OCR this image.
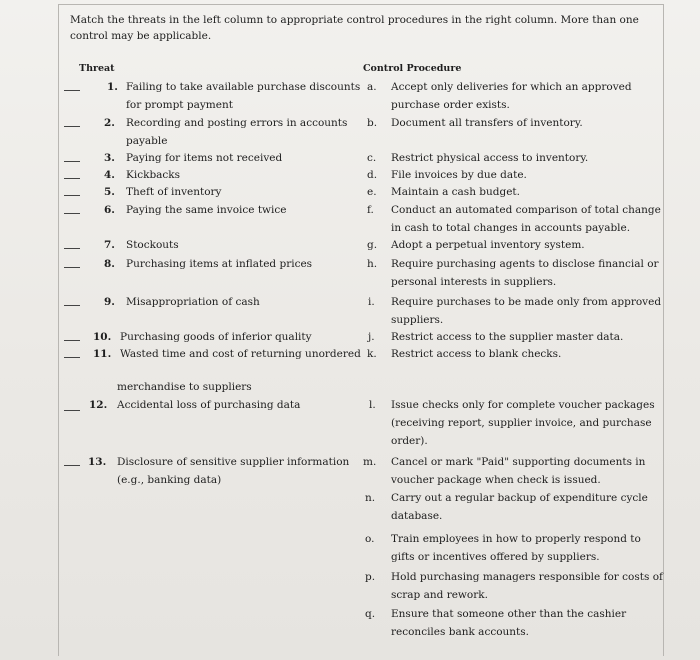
Match the threats in the left column to appropriate control procedures in the right column. More than one control may be applicable.
Threat	Control Procedure
1. Failing to take available purchase discounts
for prompt payment
2. Recording and posting errors in accounts
payable
3. Paying for items not received
4. Kickbacks
5. Theft of inventory
6. Paying the same invoice twice
7. Stockouts
8. Purchasing items at inflated prices
9. Misappropriation of cash
10. Purchasing goods of inferior quality
11. Wasted time and cost of returning unordered
merchandise to suppliers
12. Accidental loss of purchasing data
13. Disclosure of sensitive supplier information
(e.g., banking data)
a. Accept only deliveries for which an approved
purchase order exists.
b. Document all transfers of inventory.
c. Restrict physical access to inventory.
d. File invoices by due date.
e. Maintain a cash budget.
f. Conduct an automated comparison of total change
in cash to total changes in accounts payable.
g. Adopt a perpetual inventory system.
h. Require purchasing agents to disclose financial or
personal interests in suppliers.
i. Require purchases to be made only from approved
suppliers.
j. Restrict access to the supplier master data.
k. Restrict access to blank checks.
l. Issue checks only for complete voucher packages
(receiving report, supplier invoice, and purchase
order).
m. Cancel or mark "Paid" supporting documents in
voucher package when check is issued.
n. Carry out a regular backup of expenditure cycle
database.
o. Train employees in how to properly respond to
gifts or incentives offered by suppliers.
p. Hold purchasing managers responsible for costs of
scrap and rework.
q. Ensure that someone other than the cashier
reconciles bank accounts.
